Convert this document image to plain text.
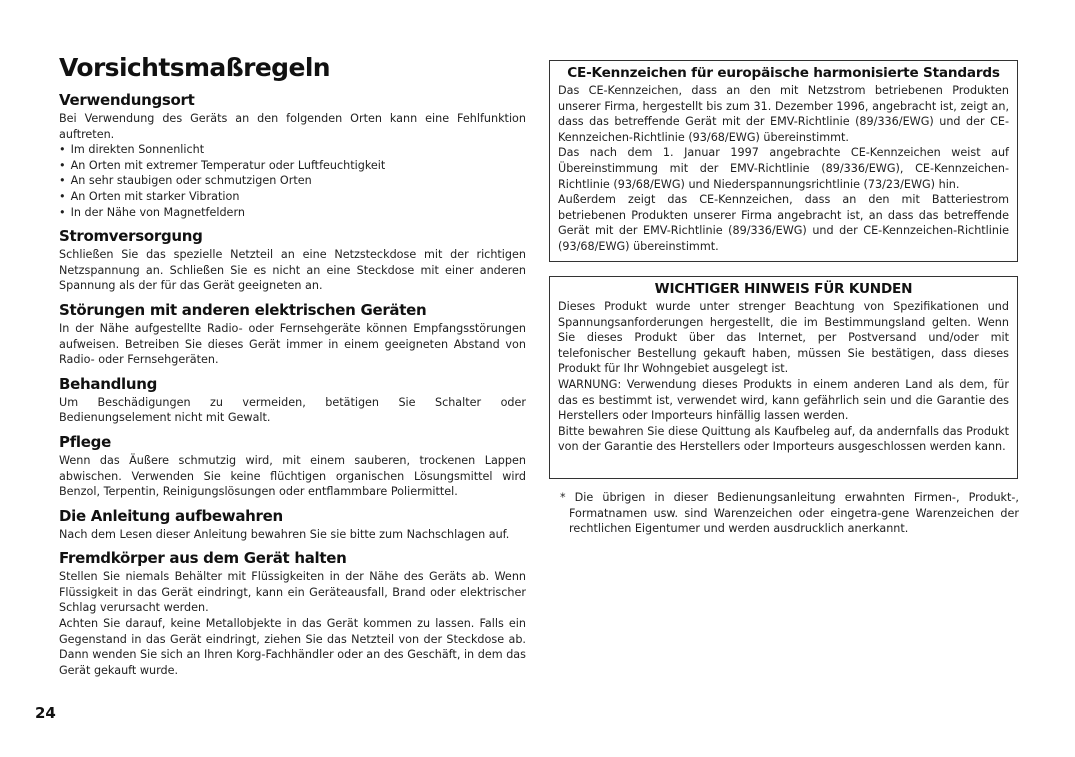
Vorsichtsmaßregeln
Verwendungsort

Bei Verwendung des Geräts an den folgenden Orten kann eine Fehlfunktion auftreten.

• Im direkten Sonnenlicht
• An Orten mit extremer Temperatur oder Luftfeuchtigkeit
• An sehr staubigen oder schmutzigen Orten
• An Orten mit starker Vibration
• In der Nähe von Magnetfeldern
Stromversorgung

Schließen Sie das spezielle Netzteil an eine Netzsteckdose mit der richtigen Netzspannung an. Schließen Sie es nicht an eine Steckdose mit einer anderen Spannung als der für das Gerät geeigneten an.

Störungen mit anderen elektrischen Geräten

In der Nähe aufgestellte Radio- oder Fernsehgeräte können Empfangsstörungen aufweisen. Betreiben Sie dieses Gerät immer in einem geeigneten Abstand von Radio- oder Fernsehgeräten.

Behandlung

Um Beschädigungen zu vermeiden, betätigen Sie Schalter oder Bedienungselement nicht mit Gewalt.

Pflege

Wenn das Äußere schmutzig wird, mit einem sauberen, trockenen Lappen abwischen. Verwenden Sie keine flüchtigen organischen Lösungsmittel wird Benzol, Terpentin, Reinigungslösungen oder entflammbare Poliermittel.

Die Anleitung aufbewahren

Nach dem Lesen dieser Anleitung bewahren Sie sie bitte zum Nachschlagen auf.

Fremdkörper aus dem Gerät halten

Stellen Sie niemals Behälter mit Flüssigkeiten in der Nähe des Geräts ab. Wenn Flüssigkeit in das Gerät eindringt, kann ein Geräteausfall, Brand oder elektrischer Schlag verursacht werden.

Achten Sie darauf, keine Metallobjekte in das Gerät kommen zu lassen. Falls ein Gegenstand in das Gerät eindringt, ziehen Sie das Netzteil von der Steckdose ab. Dann wenden Sie sich an Ihren Korg-Fachhändler oder an des Geschäft, in dem das Gerät gekauft wurde.

CE-Kennzeichen für europäische harmonisierte Standards

Das CE-Kennzeichen, dass an den mit Netzstrom betriebenen Produkten unserer Firma, hergestellt bis zum 31. Dezember 1996, angebracht ist, zeigt an, dass das betreffende Gerät mit der EMV-Richtlinie (89/336/EWG) und der CE-Kennzeichen-Richtlinie (93/68/EWG) übereinstimmt.

Das nach dem 1. Januar 1997 angebrachte CE-Kennzeichen weist auf Übereinstimmung mit der EMV-Richtlinie (89/336/EWG), CE-Kennzeichen-Richtlinie (93/68/EWG) und Niederspannungsrichtlinie (73/23/EWG) hin.

Außerdem zeigt das CE-Kennzeichen, dass an den mit Batteriestrom betriebenen Produkten unserer Firma angebracht ist, an dass das betreffende Gerät mit der EMV-Richtlinie (89/336/EWG) und der CE-Kennzeichen-Richtlinie (93/68/EWG) übereinstimmt.

WICHTIGER HINWEIS FÜR KUNDEN

Dieses Produkt wurde unter strenger Beachtung von Spezifikationen und Spannungsanforderungen hergestellt, die im Bestimmungsland gelten. Wenn Sie dieses Produkt über das Internet, per Postversand und/oder mit telefonischer Bestellung gekauft haben, müssen Sie bestätigen, dass dieses Produkt für Ihr Wohngebiet ausgelegt ist.

WARNUNG: Verwendung dieses Produkts in einem anderen Land als dem, für das es bestimmt ist, verwendet wird, kann gefährlich sein und die Garantie des Herstellers oder Importeurs hinfällig lassen werden.

Bitte bewahren Sie diese Quittung als Kaufbeleg auf, da andernfalls das Produkt von der Garantie des Herstellers oder Importeurs ausgeschlossen werden kann.

* Die übrigen in dieser Bedienungsanleitung erwahnten Firmen-, Produkt-, Formatnamen usw. sind Warenzeichen oder eingetra-gene Warenzeichen der rechtlichen Eigentumer und werden ausdrucklich anerkannt.

24
